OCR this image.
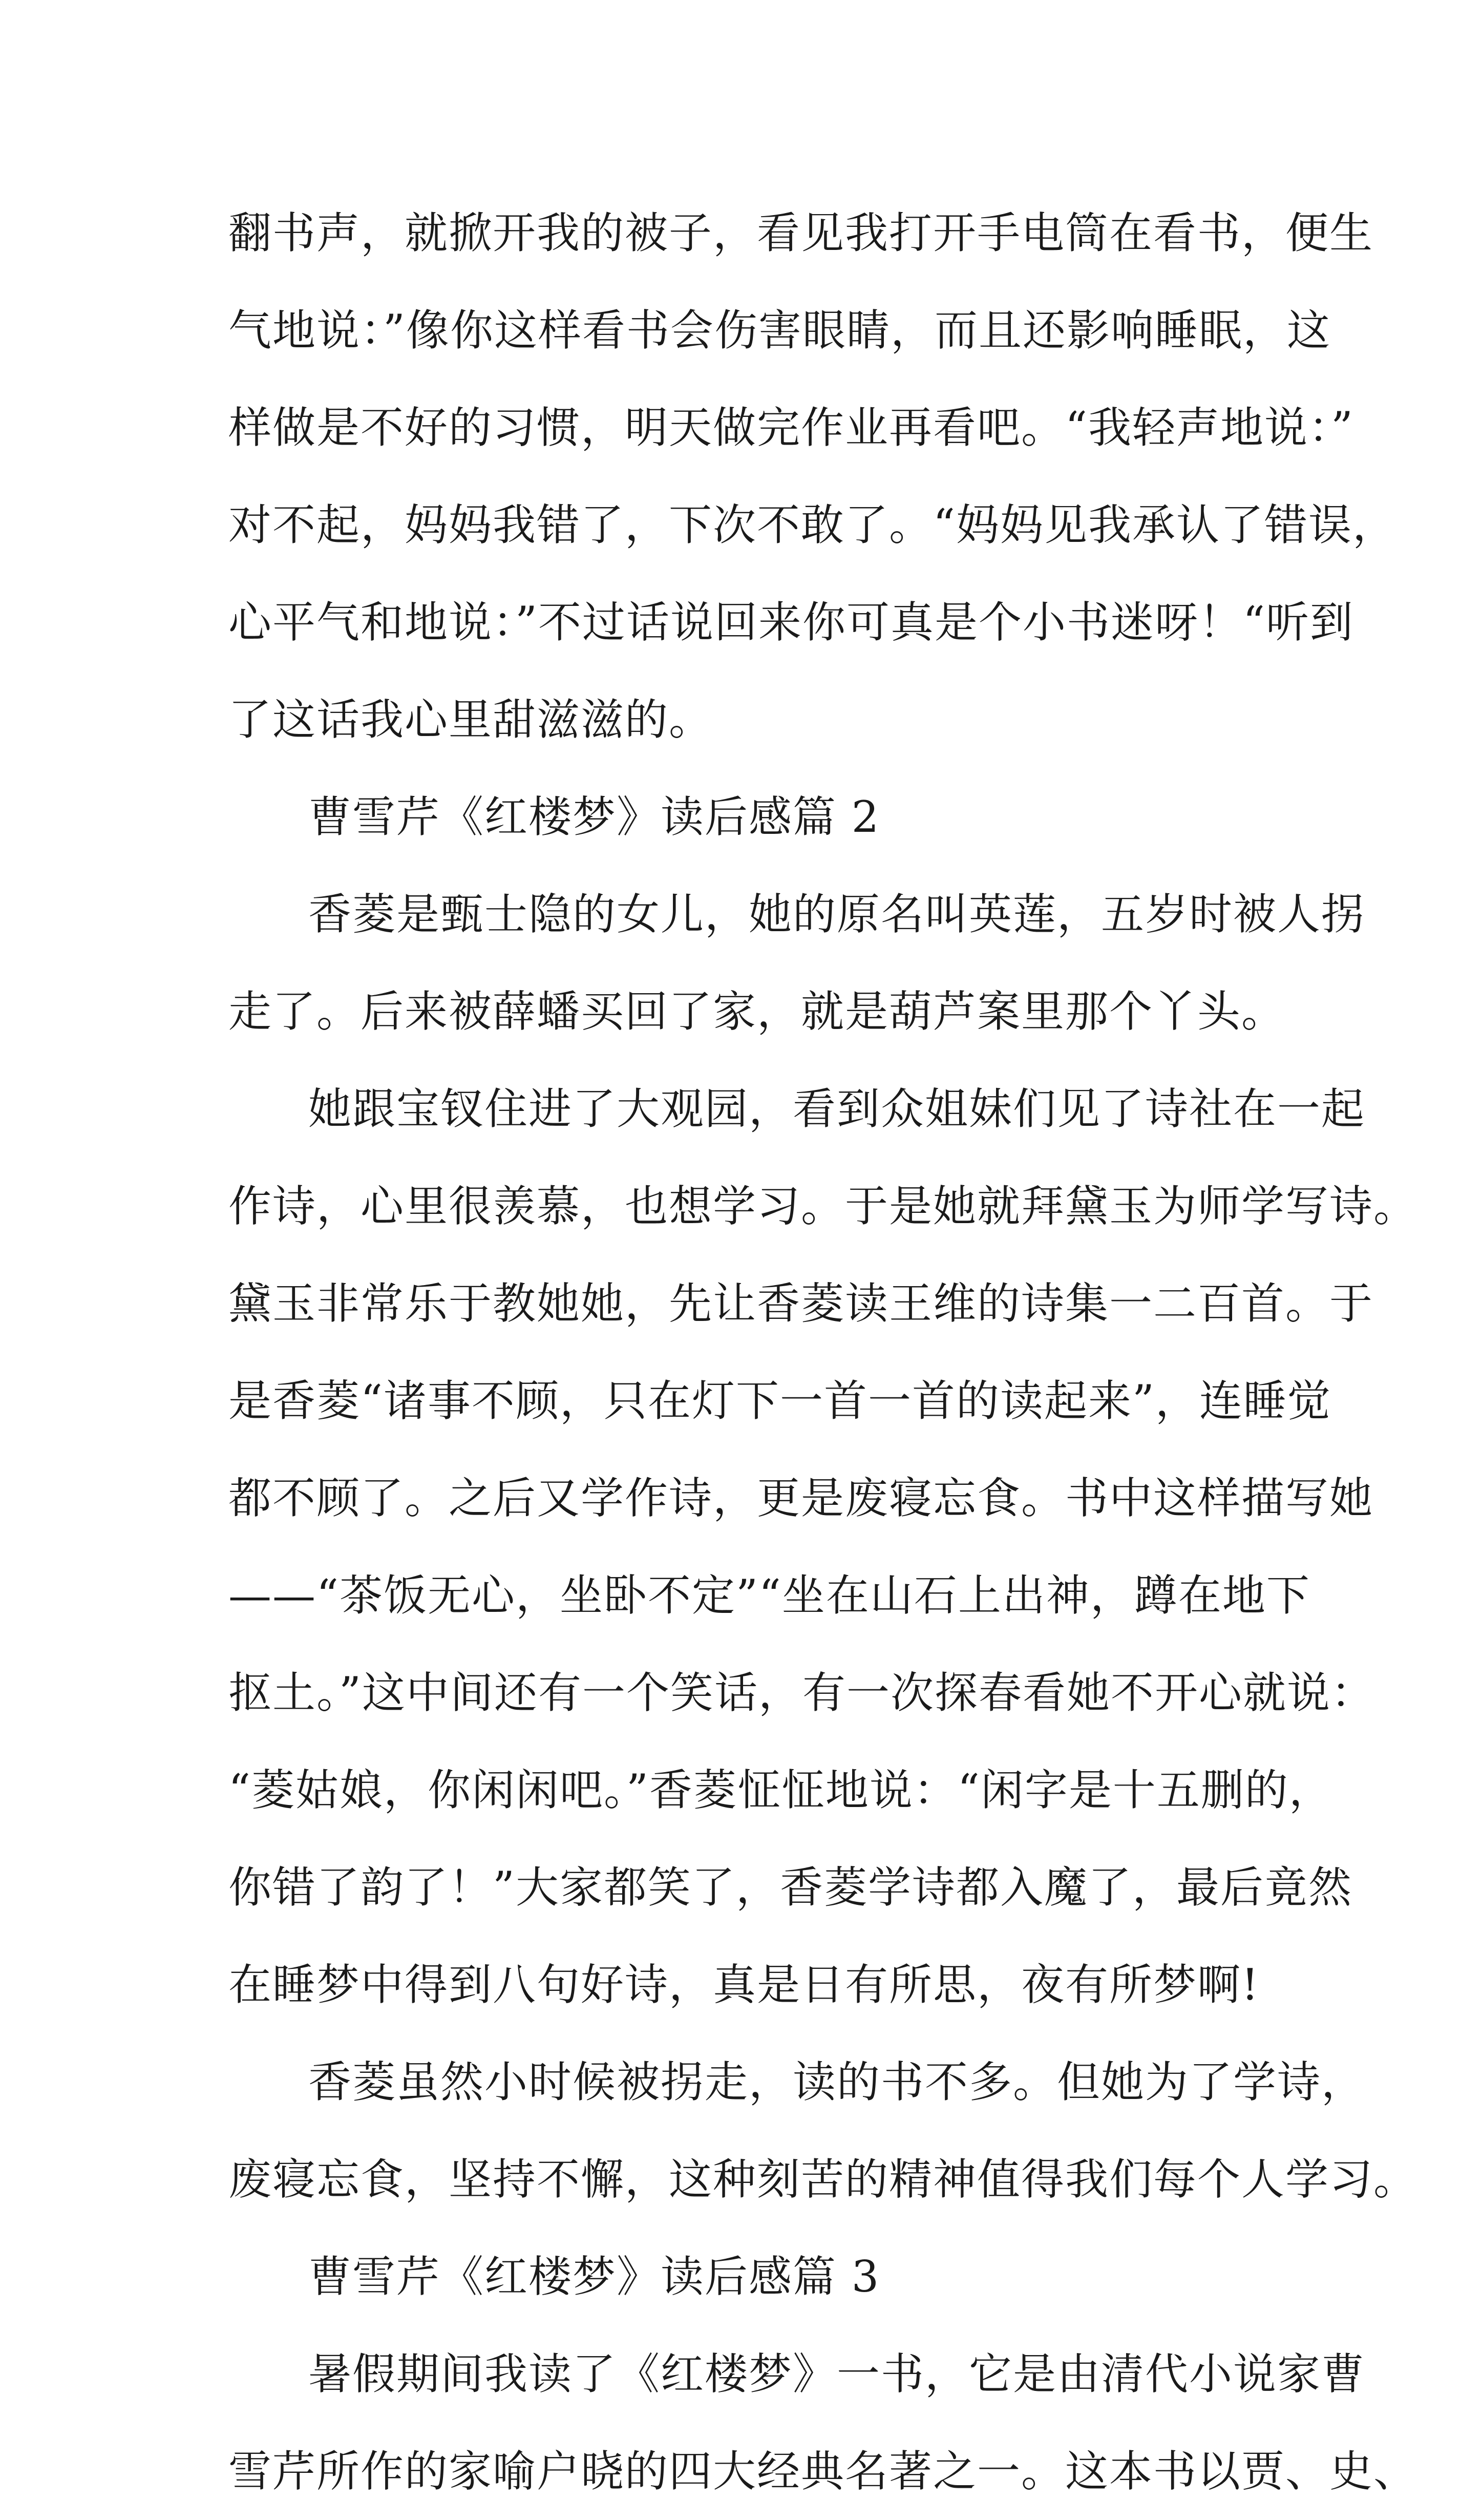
翻书声，就掀开我的被子，看见我打开手电筒在看书，便生
气地说：”像你这样看书会伤害眼睛，而且还影响睡眠，这
样做是不好的习惯，明天做完作业再看吧。“我轻声地说：”
对不起，妈妈我错了，下次不敢了。“妈妈见我承认了错误，
心平气和地说：”不过话说回来你可真是个小书迷呀！“听到
了这话我心里甜滋滋的。
曹雪芹《红楼梦》读后感篇 2
香菱是甄士隐的女儿，她的原名叫英莲，五岁时被人拐
走了。后来被薛蟠买回了家，就是葫芦案里那个丫头。
她跟宝钗住进了大观园，看到众姐妹们见了诗社在一起
作诗，心里很羡慕，也想学习。于是她就拜黛玉为师学写诗。
黛玉非常乐于教她她，先让香菱读王维的诗集一二百首。于
是香菱“诸事不顾，只在灯下一首一首的读起来”，连睡觉
都不顾了。之后又学作诗，更是废寝忘食。书中这样描写她
——“茶饭无心，坐卧不定”“坐在山石上出神，蹲在地下
抠土。”这中间还有一个笑话，有一次探春看她不开心就说：
“菱姑娘，你闲闲吧。”香菱怔怔地说：“闲字是十五删的，
你错了韵了！”大家都笑了，香菱学诗都入魔了，最后竟然
在睡梦中得到八句好诗，真是日有所思，夜有所梦啊!
香菱虽然小时候被拐走，读的书不多。但她为了学诗，
废寝忘食，坚持不懈，这种刻苦的精神值得我们每个人学习。
曹雪芹《红楼梦》读后感篇 3
暑假期间我读了《红楼梦》一书，它是由清代小说家曹
雪芹所作的家喻户晓的四大经典名著之一。这本书以贾、史、
